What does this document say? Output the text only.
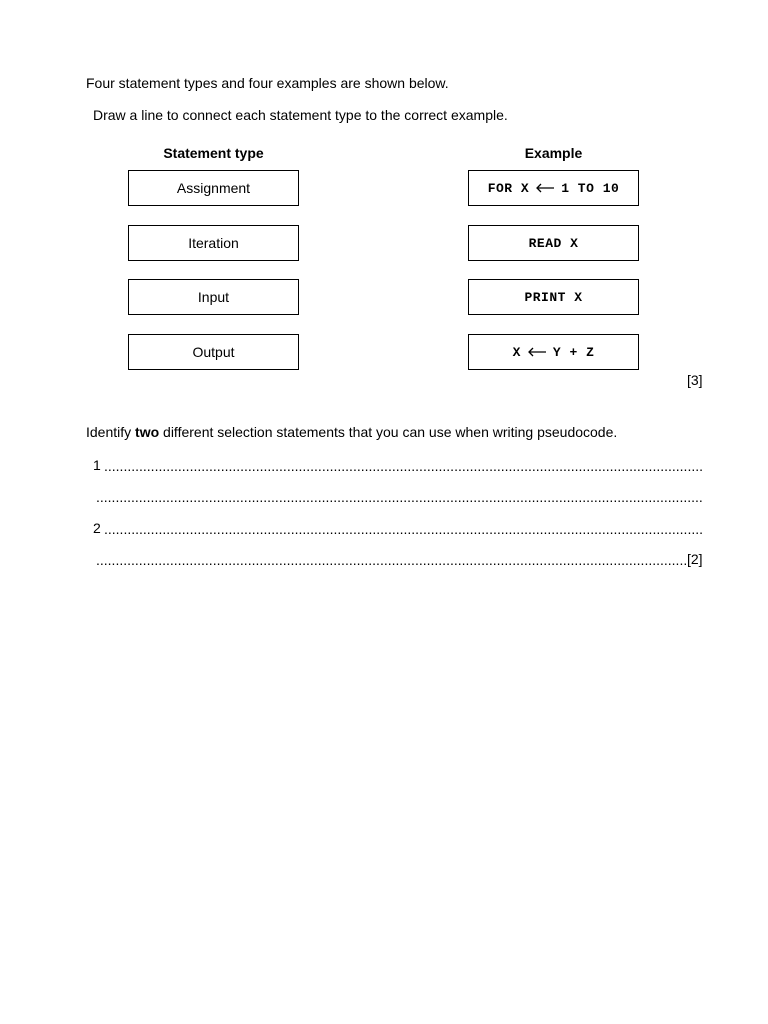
Four statement types and four examples are shown below.
Draw a line to connect each statement type to the correct example.
Statement type	Example
Assignment
Iteration
Input
Output
FOR X 1 TO 10
READ X
PRINT X
X Y + Z
[3]
Identify two different selection statements that you can use when writing pseudocode.
1
.....
.....
2
.....
.....
[2]
